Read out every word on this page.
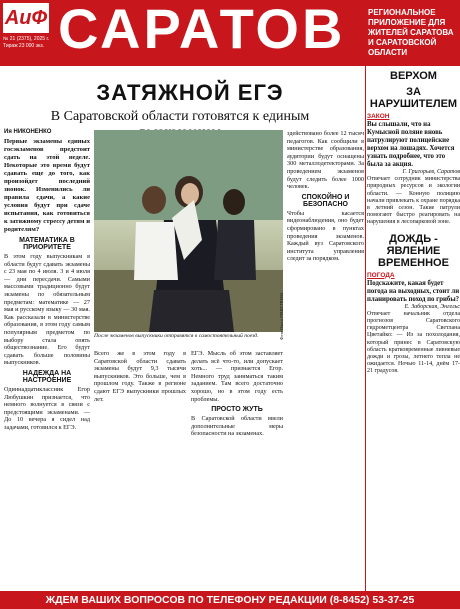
АиФ
№ 21 (2375), 2025 г. Тираж 23 000 экз. САРАТОВ	РЕГИОНАЛЬНОЕ ПРИЛОЖЕНИЕ ДЛЯ ЖИТЕЛЕЙ САРАТОВА И САРАТОВСКОЙ ОБЛАСТИ
ЗАТЯЖНОЙ ЕГЭ
В Саратовской области готовятся к единым
Ия НИКОНЕНКО

Первые экзамены единых госэкзаменов предстоит сдать на этой неделе. Некоторые это время будут сдавать еще до того, как произойдет последний звонок. Изменились ли правила сдачи, а какие условия будут при сдаче испытания, как готовиться к затяжному стрессу детям и родителям?

МАТЕМАТИКА В ПРИОРИТЕТЕ

В этом году выпускникам в области будут сдавать экзамены с 23 мая по 4 июля. 3 и 4 июля — дни пересдачи. Самыми массовыми традиционно будут экзамены по обязательным предметам: математике — 27 мая и русскому языку — 30 мая. Как рассказали в министерстве образования, в этом году самым популярным предметом по выбору стала опять обществознание. Его будут сдавать больше половины выпускников.

НАДЕЖДА НА НАСТРОЕНИЕ

Одиннадцатиклассник Егор Любушкин признается, что немного волнуется в связи с предстоящими экзаменами. — До 10 вечера я сидел над задачами, готовился к ЕГЭ.

После экзаменов выпускники отправятся в самостоятельный поезд.	Фото Ольги РЕШЕТНЕВА

Всего же в этом году в Саратовской области сдавать экзамены будут 9,3 тысячи выпускников. Это больше, чем в прошлом году. Также в регионе сдают ЕГЭ выпускники прошлых лет.

ЕГЭ. Мысль об этом заставляет делать всё что-то, или допускает хоть... — признается Егор. Немного труд заниматься таким заданием. Там всего достаточно хорошо, но в этом году есть проблемы.

ПРОСТО ЖУТЬ

В Саратовской области ввели дополнительные меры безопасности на экзаменах.

здействовано более 12 тысяч педагогов. Как сообщили в министерстве образования, аудитории будут оснащены 300 металлодетекторами. За проведением экзаменов будут следить более 1000 человек.

СПОКОЙНО И БЕЗОПАСНО

Чтобы касается видеонаблюдения, оно будет сформировано в пунктах проведения экзаменов. Каждый вуз Саратовского института управления следит за порядком.

ВЕРХОМ
ЗА НАРУШИТЕЛЕМ
ЗАКОН

Вы слышали, что на Кумысной поляне вновь патрулируют полицейские верхом на лошадях. Хочется узнать подробнее, что это была за акция.

Г. Григорьев, Саратов

Отвечает сотрудник министерства природных ресурсов и экологии области. — Конную полицию начали привлекать к охране порядка в летний сезон. Такие патрули помогают быстро реагировать на нарушения в лесопарковой зоне.

ДОЖДЬ - ЯВЛЕНИЕ ВРЕМЕННОЕ
ПОГОДА

Подскажите, какая будет погода на выходных, стоит ли планировать поход по грибы?

Е. Заборская, Энгельс

Отвечает начальник отдела прогнозов Саратовского гидрометцентра Светлана Цветайко: — Из за похолодания, который принес в Саратовскую область кратковременные ливневые дожди и грозы, летнего тепла не ожидается. Ночью 11-14, днём 17-21 градусов.

ЖДЕМ ВАШИХ ВОПРОСОВ ПО ТЕЛЕФОНУ РЕДАКЦИИ (8-8452) 53-37-25
